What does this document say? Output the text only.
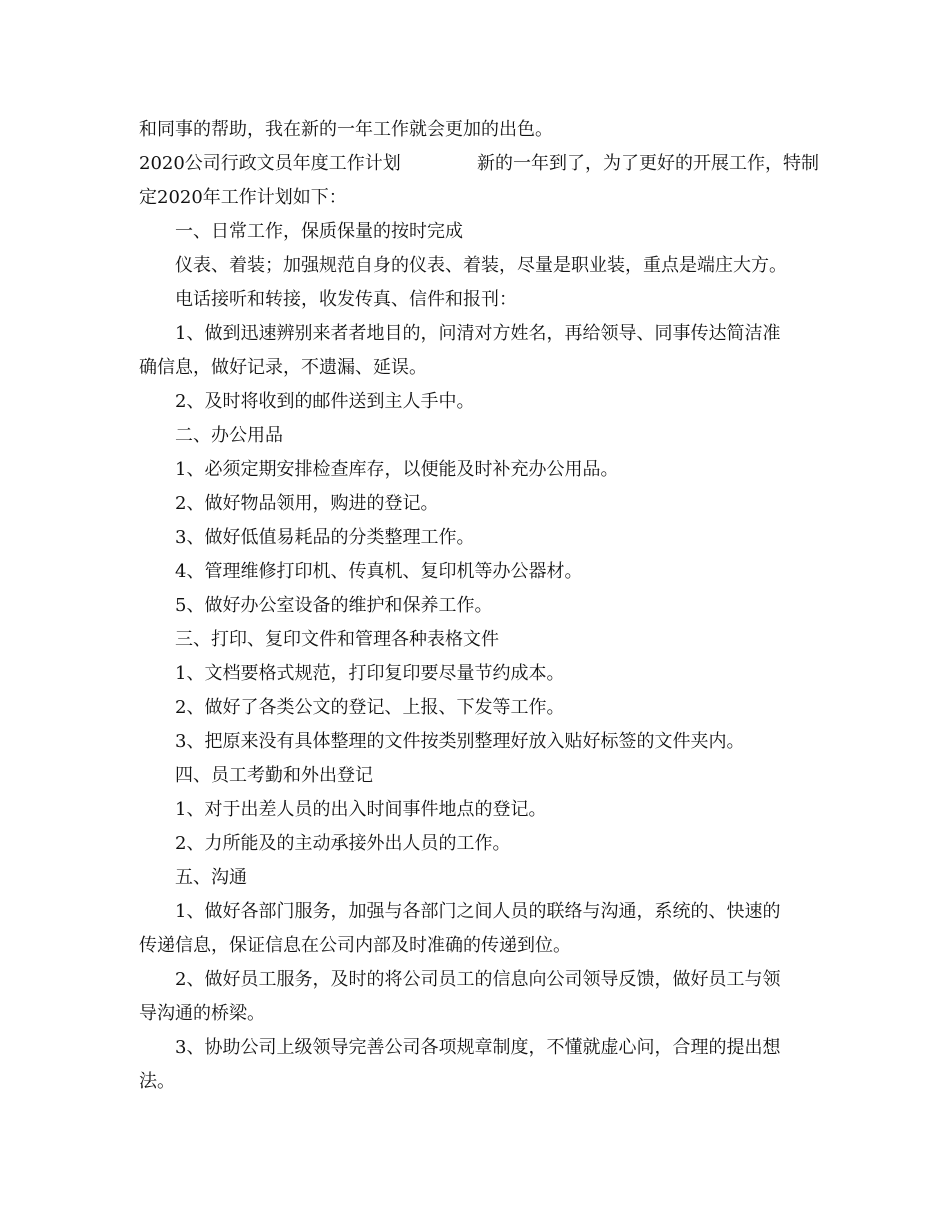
和同事的帮助，我在新的一年工作就会更加的出色。
2020公司行政文员年度工作计划	新的一年到了，为了更好的开展工作，特制
定2020年工作计划如下：
一、日常工作，保质保量的按时完成
仪表、着装；加强规范自身的仪表、着装，尽量是职业装，重点是端庄大方。
电话接听和转接，收发传真、信件和报刊：
1、做到迅速辨别来者者地目的，问清对方姓名，再给领导、同事传达简洁准
确信息，做好记录，不遗漏、延误。
2、及时将收到的邮件送到主人手中。
二、办公用品
1、必须定期安排检查库存，以便能及时补充办公用品。
2、做好物品领用，购进的登记。
3、做好低值易耗品的分类整理工作。
4、管理维修打印机、传真机、复印机等办公器材。
5、做好办公室设备的维护和保养工作。
三、打印、复印文件和管理各种表格文件
1、文档要格式规范，打印复印要尽量节约成本。
2、做好了各类公文的登记、上报、下发等工作。
3、把原来没有具体整理的文件按类别整理好放入贴好标签的文件夹内。
四、员工考勤和外出登记
1、对于出差人员的出入时间事件地点的登记。
2、力所能及的主动承接外出人员的工作。
五、沟通
1、做好各部门服务，加强与各部门之间人员的联络与沟通，系统的、快速的
传递信息，保证信息在公司内部及时准确的传递到位。
2、做好员工服务，及时的将公司员工的信息向公司领导反馈，做好员工与领
导沟通的桥梁。
3、协助公司上级领导完善公司各项规章制度，不懂就虚心问，合理的提出想
法。
